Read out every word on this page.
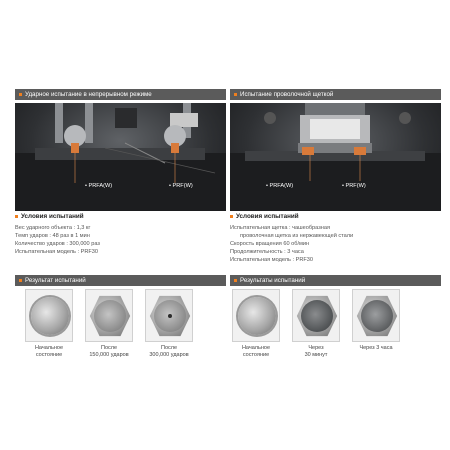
Ударное испытание в непрерывном режиме
• PRFA(W)	• PRF(W)
Условия испытаний
Вес ударного объекта : 1,3 кг
Темп ударов : 48 раз в 1 мин
Количество ударов : 300,000 раз
Испытательная модель : PRF30
Результат испытаний
Начальное
состояние
После
150,000 ударов
После
300,000 ударов
Испытание проволочной щеткой
• PRFA(W)	• PRF(W)
Условия испытаний
Испытательная щетка : чашеобразная
проволочная щетка из нержавеющей стали
Скорость вращения 60 об/мин
Продолжительность : 3 часа
Испытательная модель : PRF30
Результаты испытаний
Начальное
состояние
Через
30 минут
Через 3 часа
